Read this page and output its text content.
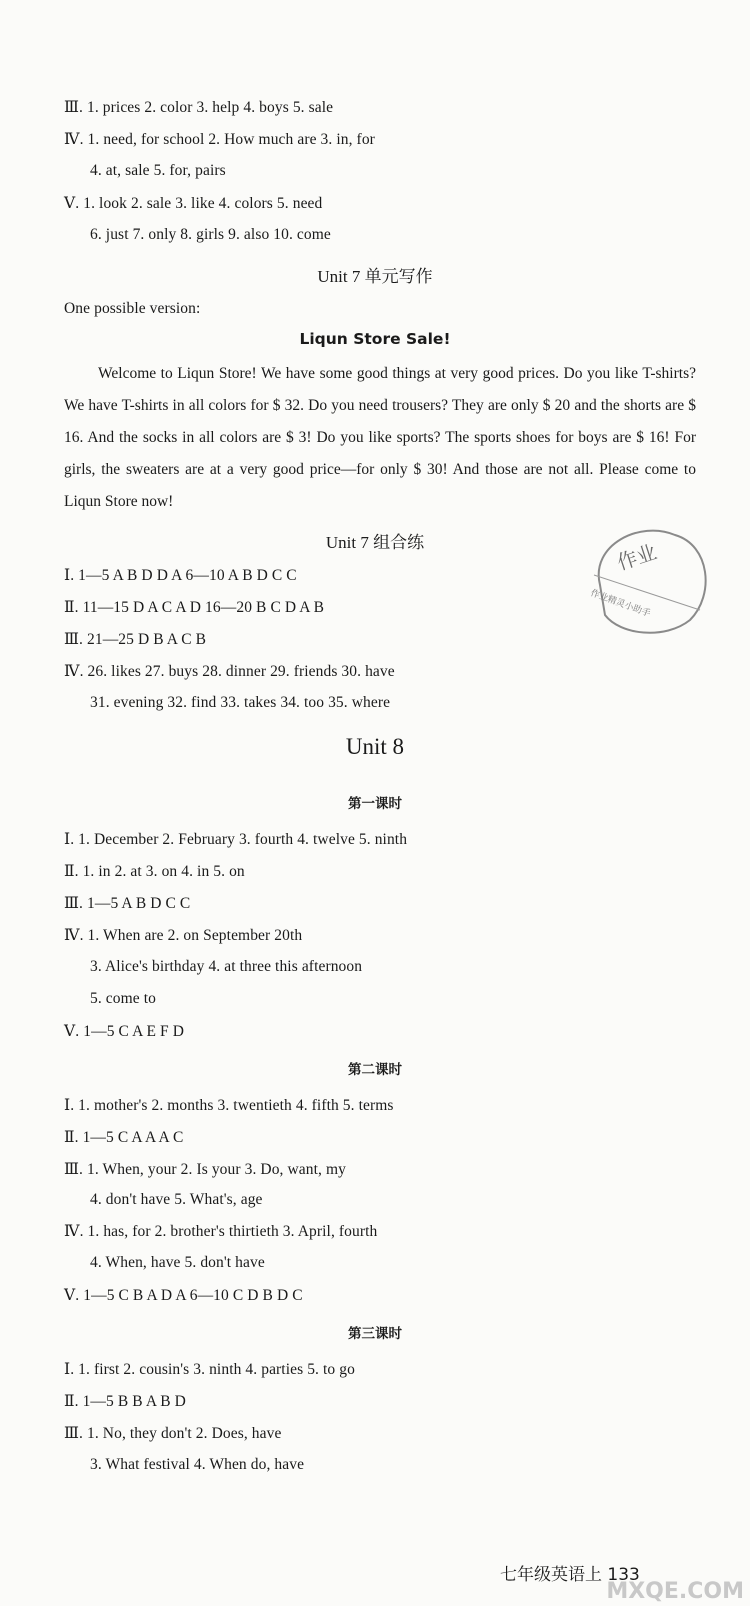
Ⅲ. 1. prices 2. color 3. help 4. boys 5. sale
Ⅳ. 1. need, for school 2. How much are 3. in, for
4. at, sale 5. for, pairs
Ⅴ. 1. look 2. sale 3. like 4. colors 5. need
6. just 7. only 8. girls 9. also 10. come
Unit 7 单元写作
One possible version:
Liqun Store Sale!
Welcome to Liqun Store! We have some good things at very good prices. Do you like T-shirts? We have T-shirts in all colors for $ 32. Do you need trousers? They are only $ 20 and the shorts are $ 16. And the socks in all colors are $ 3! Do you like sports? The sports shoes for boys are $ 16! For girls, the sweaters are at a very good price—for only $ 30! And those are not all. Please come to Liqun Store now!
Unit 7 组合练
Ⅰ. 1—5 A B D D A 6—10 A B D C C
Ⅱ. 11—15 D A C A D 16—20 B C D A B
Ⅲ. 21—25 D B A C B
Ⅳ. 26. likes 27. buys 28. dinner 29. friends 30. have
31. evening 32. find 33. takes 34. too 35. where
作业
作业精灵小助手
Unit 8
第一课时
Ⅰ. 1. December 2. February 3. fourth 4. twelve 5. ninth
Ⅱ. 1. in 2. at 3. on 4. in 5. on
Ⅲ. 1—5 A B D C C
Ⅳ. 1. When are 2. on September 20th
3. Alice's birthday 4. at three this afternoon
5. come to
Ⅴ. 1—5 C A E F D
第二课时
Ⅰ. 1. mother's 2. months 3. twentieth 4. fifth 5. terms
Ⅱ. 1—5 C A A A C
Ⅲ. 1. When, your 2. Is your 3. Do, want, my
4. don't have 5. What's, age
Ⅳ. 1. has, for 2. brother's thirtieth 3. April, fourth
4. When, have 5. don't have
Ⅴ. 1—5 C B A D A 6—10 C D B D C
第三课时
Ⅰ. 1. first 2. cousin's 3. ninth 4. parties 5. to go
Ⅱ. 1—5 B B A B D
Ⅲ. 1. No, they don't 2. Does, have
3. What festival 4. When do, have
七年级英语上 133
MXQE.COM
